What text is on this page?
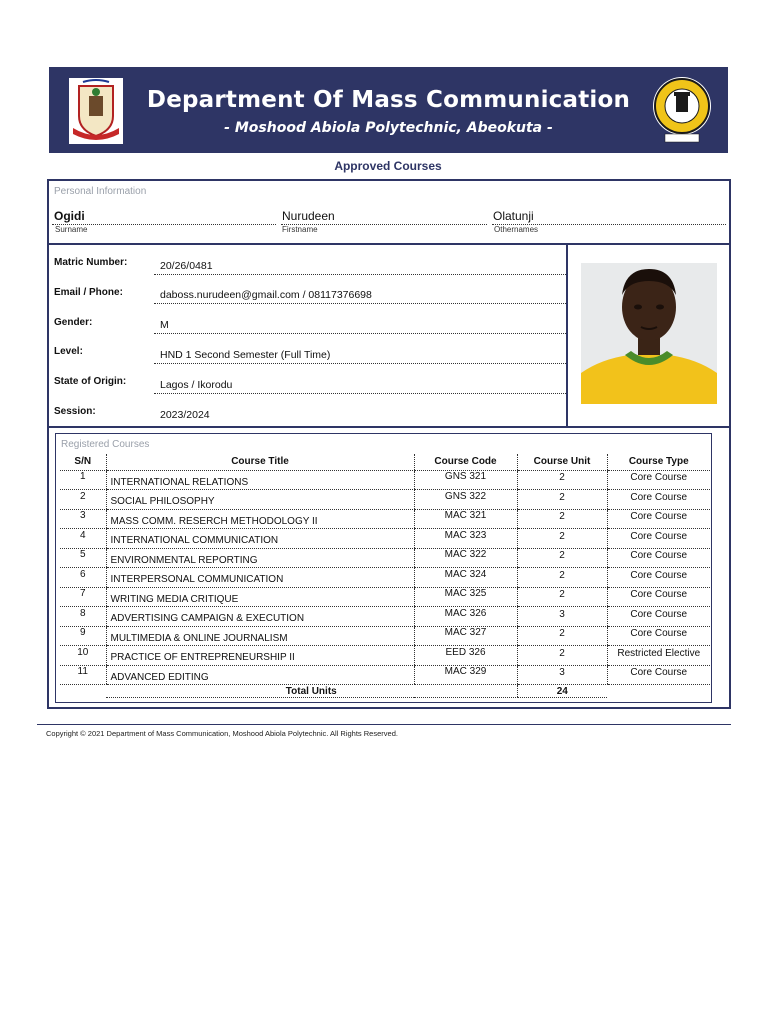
Department Of Mass Communication
- Moshood Abiola Polytechnic, Abeokuta -
Approved Courses
Personal Information
Ogidi	Nurudeen	Olatunji
Surname	Firstname	Othernames
Matric Number:	20/26/0481
Email / Phone:	daboss.nurudeen@gmail.com / 08117376698
Gender:	M
Level:	HND 1 Second Semester (Full Time)
State of Origin:	Lagos / Ikorodu
Session:	2023/2024
Registered Courses
S/N	Course Title	Course Code	Course Unit	Course Type
1	INTERNATIONAL RELATIONS	GNS 321	2	Core Course
2	SOCIAL PHILOSOPHY	GNS 322	2	Core Course
3	MASS COMM. RESERCH METHODOLOGY II	MAC 321	2	Core Course
4	INTERNATIONAL COMMUNICATION	MAC 323	2	Core Course
5	ENVIRONMENTAL REPORTING	MAC 322	2	Core Course
6	INTERPERSONAL COMMUNICATION	MAC 324	2	Core Course
7	WRITING MEDIA CRITIQUE	MAC 325	2	Core Course
8	ADVERTISING CAMPAIGN & EXECUTION	MAC 326	3	Core Course
9	MULTIMEDIA & ONLINE JOURNALISM	MAC 327	2	Core Course
10	PRACTICE OF ENTREPRENEURSHIP II	EED 326	2	Restricted Elective
11	ADVANCED EDITING	MAC 329	3	Core Course
	Total Units		24	
Copyright © 2021 Department of Mass Communication, Moshood Abiola Polytechnic. All Rights Reserved.
